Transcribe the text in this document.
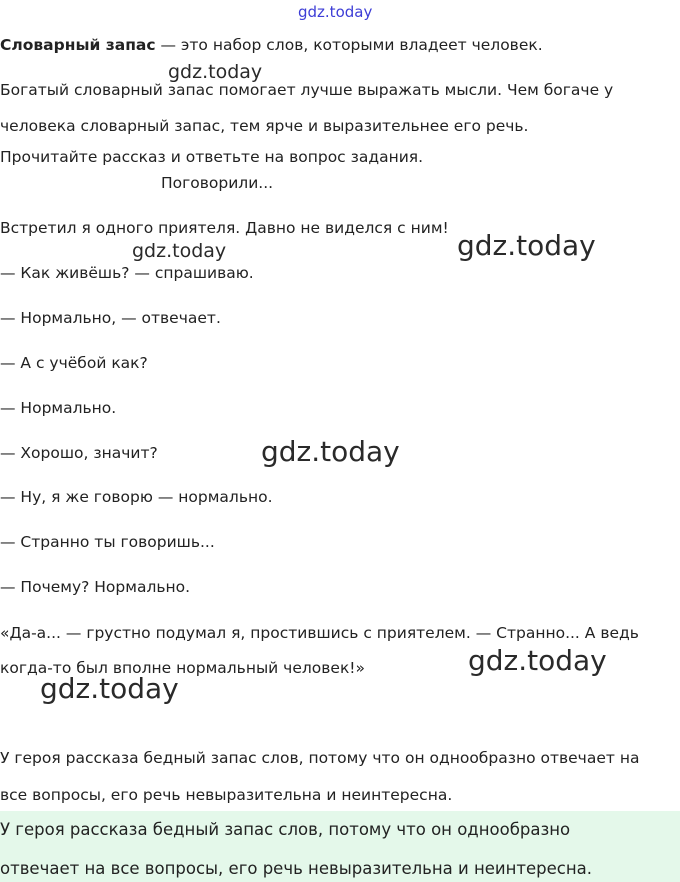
gdz.today
Словарный запас — это набор слов, которыми владеет человек.
Богатый словарный запас помогает лучше выражать мысли. Чем богаче у
человека словарный запас, тем ярче и выразительнее его речь.
Прочитайте рассказ и ответьте на вопрос задания.
Поговорили...
Встретил я одного приятеля. Давно не виделся с ним!
— Как живёшь? — спрашиваю.
— Нормально, — отвечает.
— А с учёбой как?
— Нормально.
— Хорошо, значит?
— Ну, я же говорю — нормально.
— Странно ты говоришь...
— Почему? Нормально.
«Да-а... — грустно подумал я, простившись с приятелем. — Странно... А ведь
когда-то был вполне нормальный человек!»
У героя рассказа бедный запас слов, потому что он однообразно отвечает на
все вопросы, его речь невыразительна и неинтересна.
У героя рассказа бедный запас слов, потому что он однообразно
отвечает на все вопросы, его речь невыразительна и неинтересна.
gdz.today
gdz.today	gdz.today
gdz.today
gdz.today
gdz.today
